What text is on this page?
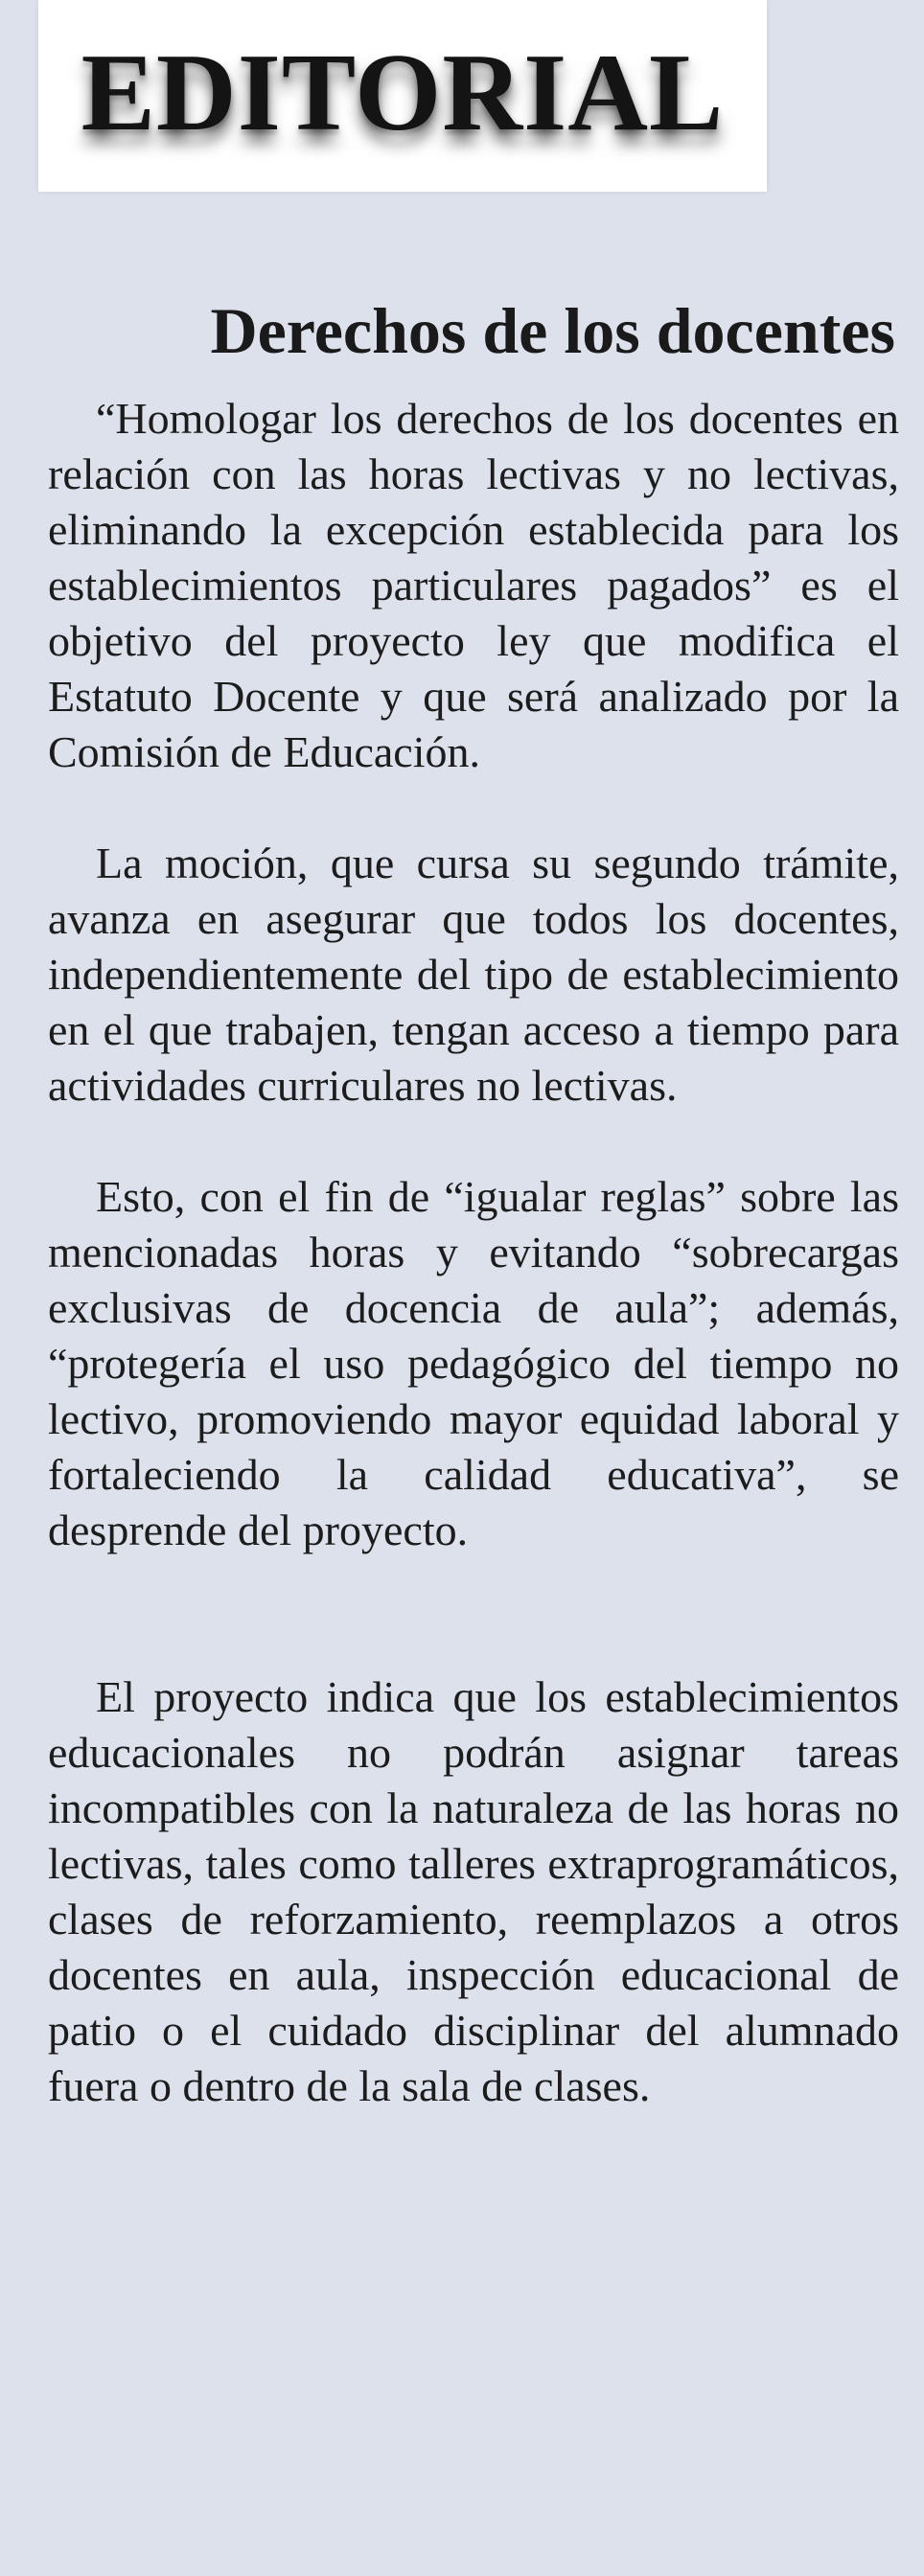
EDITORIAL
Derechos de los docentes

“Homologar los derechos de los docentes en relación con las horas lectivas y no lectivas, eliminando la excepción establecida para los establecimientos particulares pagados” es el objetivo del proyecto ley que modifica el Estatuto Docente y que será analizado por la Comisión de Educación.

La moción, que cursa su segundo trámite, avanza en asegurar que todos los docentes, independientemente del tipo de establecimiento en el que trabajen, tengan acceso a tiempo para actividades curriculares no lectivas.

Esto, con el fin de “igualar reglas” sobre las mencionadas horas y evitando “sobrecargas exclusivas de docencia de aula”; además, “protegería el uso pedagógico del tiempo no lectivo, promoviendo mayor equidad laboral y fortaleciendo la calidad educativa”, se desprende del proyecto.

El proyecto indica que los establecimientos educacionales no podrán asignar tareas incompatibles con la naturaleza de las horas no lectivas, tales como talleres extraprogramáticos, clases de reforzamiento, reemplazos a otros docentes en aula, inspección educacional de patio o el cuidado disciplinar del alumnado fuera o dentro de la sala de clases.
